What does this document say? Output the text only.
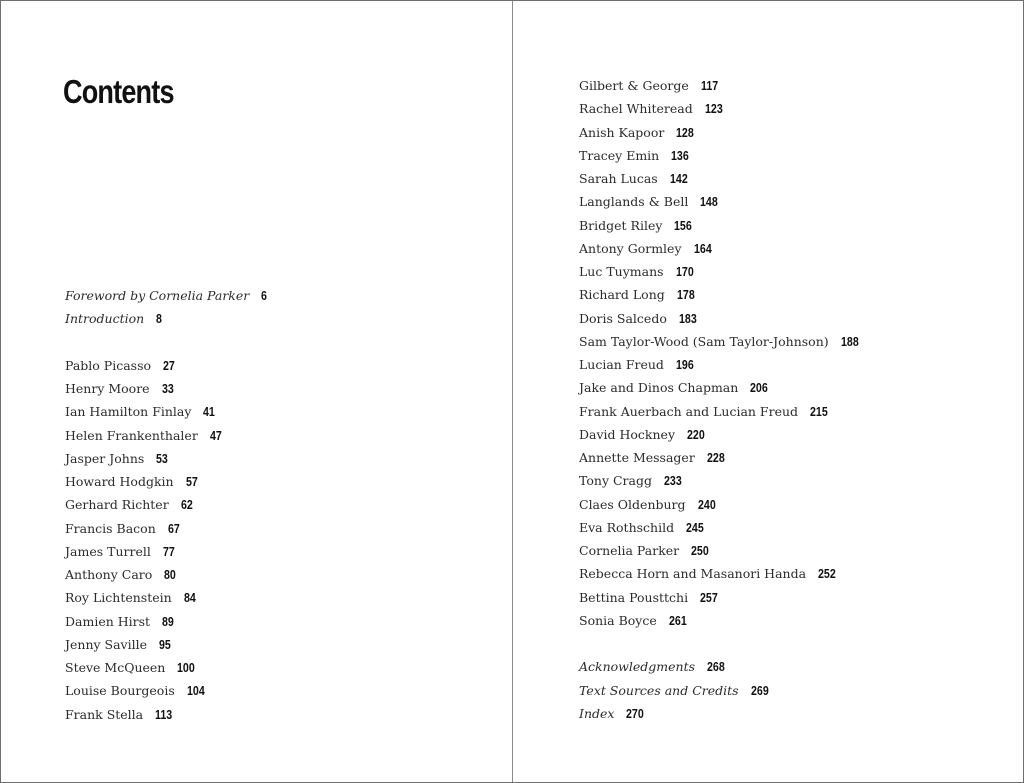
Contents
Foreword by Cornelia Parker 6
Introduction 8
Pablo Picasso 27
Henry Moore 33
Ian Hamilton Finlay 41
Helen Frankenthaler 47
Jasper Johns 53
Howard Hodgkin 57
Gerhard Richter 62
Francis Bacon 67
James Turrell 77
Anthony Caro 80
Roy Lichtenstein 84
Damien Hirst 89
Jenny Saville 95
Steve McQueen 100
Louise Bourgeois 104
Frank Stella 113
Gilbert & George 117
Rachel Whiteread 123
Anish Kapoor 128
Tracey Emin 136
Sarah Lucas 142
Langlands & Bell 148
Bridget Riley 156
Antony Gormley 164
Luc Tuymans 170
Richard Long 178
Doris Salcedo 183
Sam Taylor-Wood (Sam Taylor-Johnson) 188
Lucian Freud 196
Jake and Dinos Chapman 206
Frank Auerbach and Lucian Freud 215
David Hockney 220
Annette Messager 228
Tony Cragg 233
Claes Oldenburg 240
Eva Rothschild 245
Cornelia Parker 250
Rebecca Horn and Masanori Handa 252
Bettina Pousttchi 257
Sonia Boyce 261
Acknowledgments 268
Text Sources and Credits 269
Index 270
